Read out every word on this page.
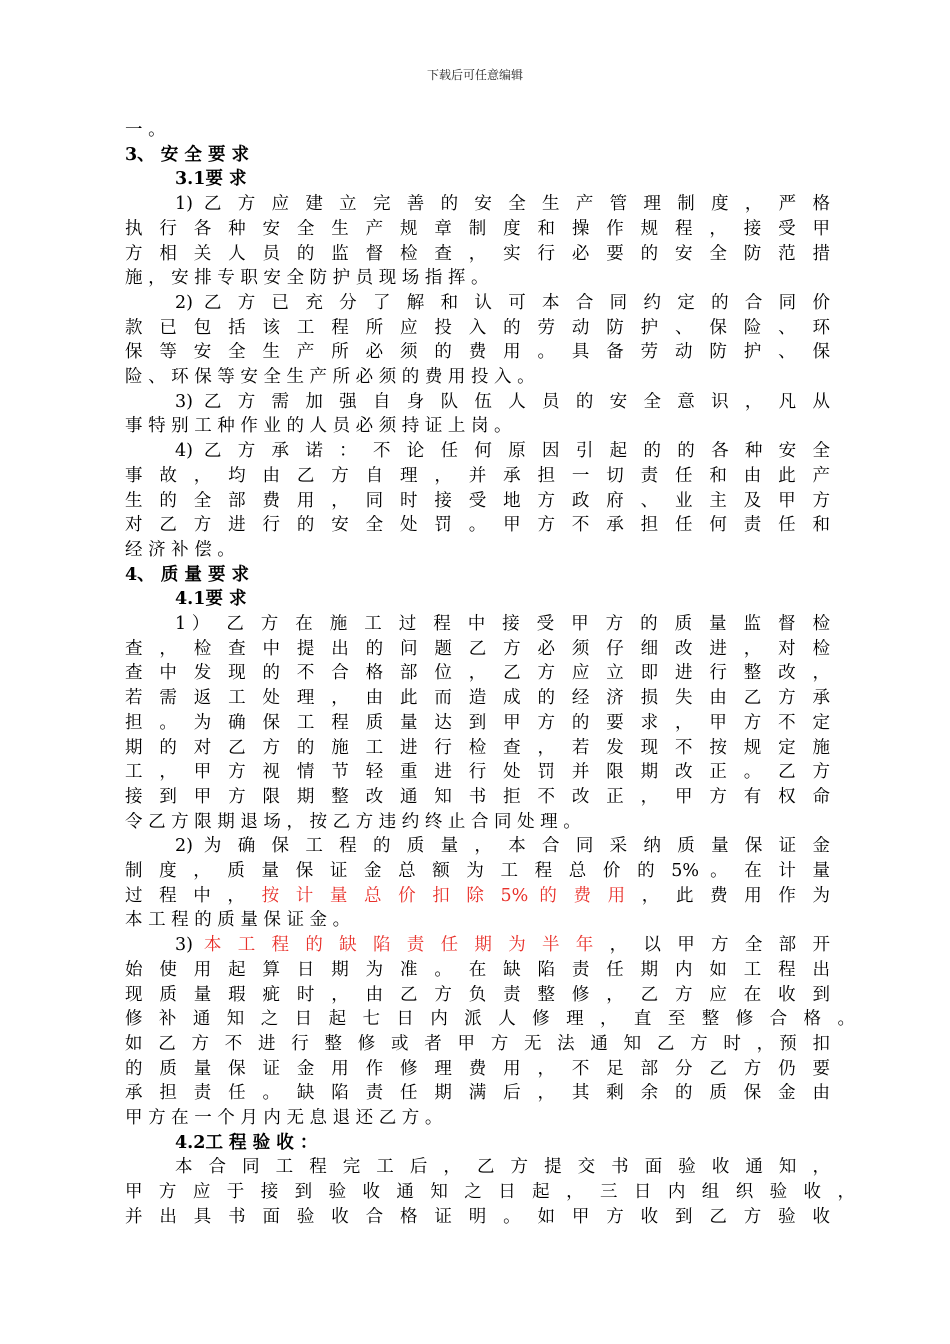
下载后可任意编辑
一 。
3、 安 全 要 求
3.1要 求
1) 乙 方 应 建 立 完 善 的 安 全 生 产 管 理 制 度 ， 严 格
执 行 各 种 安 全 生 产 规 章 制 度 和 操 作 规 程 ， 接 受 甲
方 相 关 人 员 的 监 督 检 查 ， 实 行 必 要 的 安 全 防 范 措
施 ， 安 排 专 职 安 全 防 护 员 现 场 指 挥 。
2) 乙 方 已 充 分 了 解 和 认 可 本 合 同 约 定 的 合 同 价
款 已 包 括 该 工 程 所 应 投 入 的 劳 动 防 护 、 保 险 、 环
保 等 安 全 生 产 所 必 须 的 费 用 。 具 备 劳 动 防 护 、 保
险 、 环 保 等 安 全 生 产 所 必 须 的 费 用 投 入 。
3) 乙 方 需 加 强 自 身 队 伍 人 员 的 安 全 意 识 ， 凡 从
事 特 别 工 种 作 业 的 人 员 必 须 持 证 上 岗 。
4) 乙 方 承 诺 ： 不 论 任 何 原 因 引 起 的 的 各 种 安 全
事 故 ， 均 由 乙 方 自 理 ， 并 承 担 一 切 责 任 和 由 此 产
生 的 全 部 费 用 ， 同 时 接 受 地 方 政 府 、 业 主 及 甲 方
对 乙 方 进 行 的 安 全 处 罚 。 甲 方 不 承 担 任 何 责 任 和
经 济 补 偿 。
4、 质 量 要 求
4.1要 求
1） 乙 方 在 施 工 过 程 中 接 受 甲 方 的 质 量 监 督 检
查 ， 检 查 中 提 出 的 问 题 乙 方 必 须 仔 细 改 进 ， 对 检
查 中 发 现 的 不 合 格 部 位 ， 乙 方 应 立 即 进 行 整 改 ，
若 需 返 工 处 理 ， 由 此 而 造 成 的 经 济 损 失 由 乙 方 承
担 。 为 确 保 工 程 质 量 达 到 甲 方 的 要 求 ， 甲 方 不 定
期 的 对 乙 方 的 施 工 进 行 检 查 ， 若 发 现 不 按 规 定 施
工 ， 甲 方 视 情 节 轻 重 进 行 处 罚 并 限 期 改 正 。 乙 方
接 到 甲 方 限 期 整 改 通 知 书 拒 不 改 正 ， 甲 方 有 权 命
令 乙 方 限 期 退 场 ， 按 乙 方 违 约 终 止 合 同 处 理 。
2) 为 确 保 工 程 的 质 量 ， 本 合 同 采 纳 质 量 保 证 金
制 度 ， 质 量 保 证 金 总 额 为 工 程 总 价 的 5% 。 在 计 量
过 程 中 ， 按 计 量 总 价 扣 除 5% 的 费 用 ， 此 费 用 作 为
本 工 程 的 质 量 保 证 金 。
3) 本 工 程 的 缺 陷 责 任 期 为 半 年 ， 以 甲 方 全 部 开
始 使 用 起 算 日 期 为 准 。 在 缺 陷 责 任 期 内 如 工 程 出
现 质 量 瑕 疵 时 ， 由 乙 方 负 责 整 修 ， 乙 方 应 在 收 到
修 补 通 知 之 日 起 七 日 内 派 人 修 理 ， 直 至 整 修 合 格 。
如 乙 方 不 进 行 整 修 或 者 甲 方 无 法 通 知 乙 方 时 ，预 扣
的 质 量 保 证 金 用 作 修 理 费 用 ， 不 足 部 分 乙 方 仍 要
承 担 责 任 。 缺 陷 责 任 期 满 后 ， 其 剩 余 的 质 保 金 由
甲 方 在 一 个 月 内 无 息 退 还 乙 方 。
4.2工 程 验 收 ：
本 合 同 工 程 完 工 后 ， 乙 方 提 交 书 面 验 收 通 知 ，
甲 方 应 于 接 到 验 收 通 知 之 日 起 ， 三 日 内 组 织 验 收 ，
并 出 具 书 面 验 收 合 格 证 明 。 如 甲 方 收 到 乙 方 验 收
